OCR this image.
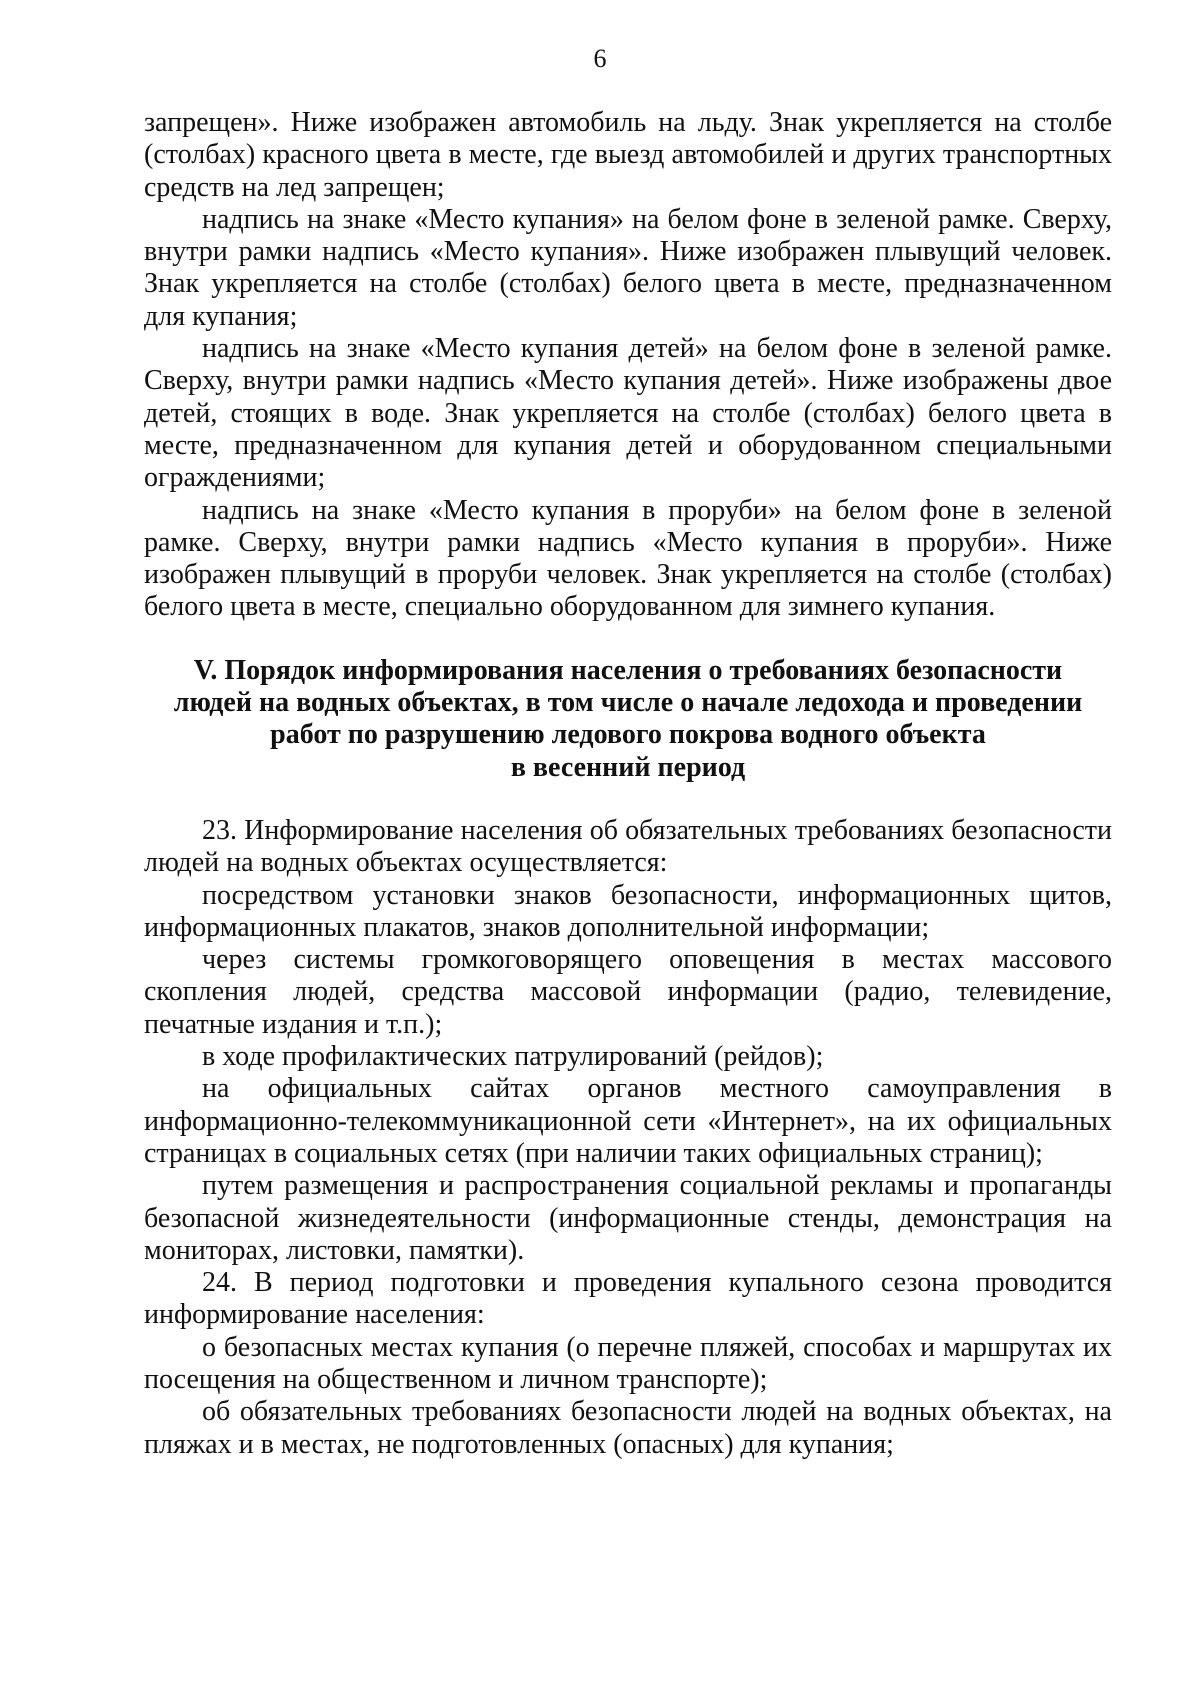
6

запрещен». Ниже изображен автомобиль на льду. Знак укрепляется на столбе (столбах) красного цвета в месте, где выезд автомобилей и других транспортных средств на лед запрещен;

надпись на знаке «Место купания» на белом фоне в зеленой рамке. Сверху, внутри рамки надпись «Место купания». Ниже изображен плывущий человек. Знак укрепляется на столбе (столбах) белого цвета в месте, предназначенном для купания;

надпись на знаке «Место купания детей» на белом фоне в зеленой рамке. Сверху, внутри рамки надпись «Место купания детей». Ниже изображены двое детей, стоящих в воде. Знак укрепляется на столбе (столбах) белого цвета в месте, предназначенном для купания детей и оборудованном специальными ограждениями;

надпись на знаке «Место купания в проруби» на белом фоне в зеленой рамке. Сверху, внутри рамки надпись «Место купания в проруби». Ниже изображен плывущий в проруби человек. Знак укрепляется на столбе (столбах) белого цвета в месте, специально оборудованном для зимнего купания.

V. Порядок информирования населения о требованиях безопасности
людей на водных объектах, в том числе о начале ледохода и проведении
работ по разрушению ледового покрова водного объекта
в весенний период

23. Информирование населения об обязательных требованиях безопасности людей на водных объектах осуществляется:

посредством установки знаков безопасности, информационных щитов, информационных плакатов, знаков дополнительной информации;

через системы громкоговорящего оповещения в местах массового скопления людей, средства массовой информации (радио, телевидение, печатные издания и т.п.);

в ходе профилактических патрулирований (рейдов);

на официальных сайтах органов местного самоуправления в информационно-телекоммуникационной сети «Интернет», на их официальных страницах в социальных сетях (при наличии таких официальных страниц);

путем размещения и распространения социальной рекламы и пропаганды безопасной жизнедеятельности (информационные стенды, демонстрация на мониторах, листовки, памятки).

24. В период подготовки и проведения купального сезона проводится информирование населения:

о безопасных местах купания (о перечне пляжей, способах и маршрутах их посещения на общественном и личном транспорте);

об обязательных требованиях безопасности людей на водных объектах, на пляжах и в местах, не подготовленных (опасных) для купания;
